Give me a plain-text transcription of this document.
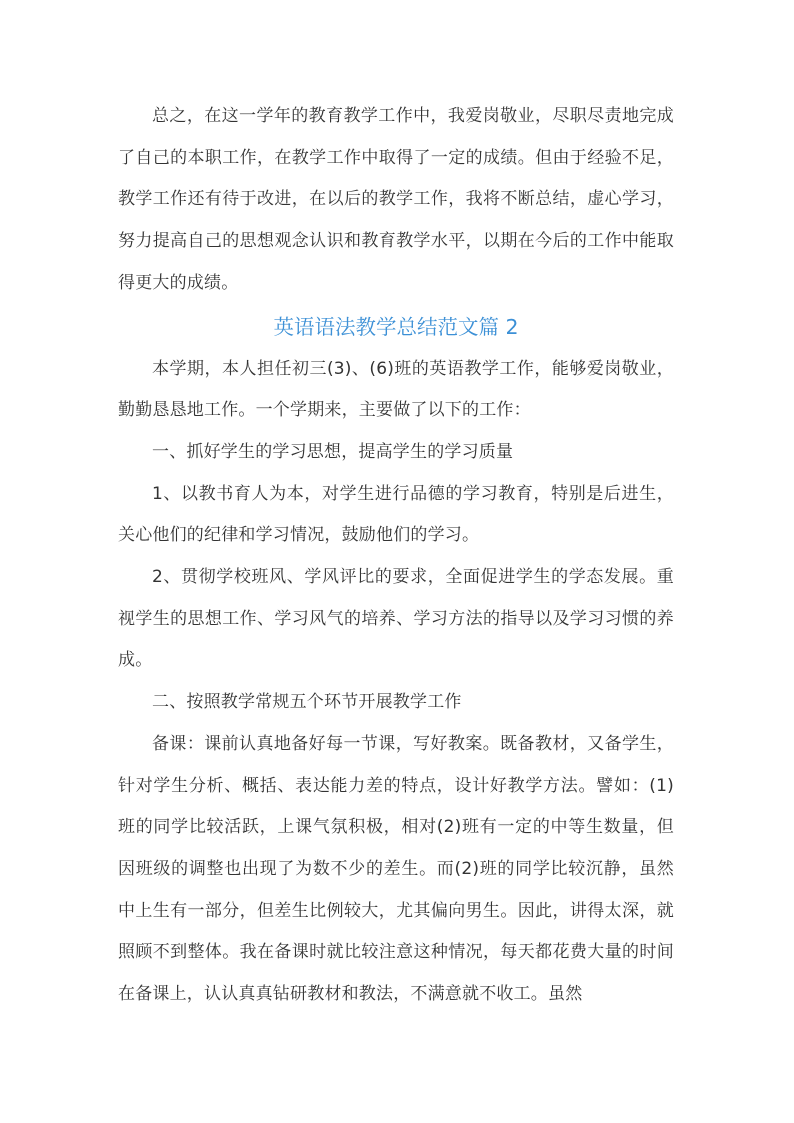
总之，在这一学年的教育教学工作中，我爱岗敬业，尽职尽责地完成了自己的本职工作，在教学工作中取得了一定的成绩。但由于经验不足，教学工作还有待于改进，在以后的教学工作，我将不断总结，虚心学习，努力提高自己的思想观念认识和教育教学水平，以期在今后的工作中能取得更大的成绩。

英语语法教学总结范文篇 2

本学期，本人担任初三(3)、(6)班的英语教学工作，能够爱岗敬业，勤勤恳恳地工作。一个学期来，主要做了以下的工作：

一、抓好学生的学习思想，提高学生的学习质量

1、以教书育人为本，对学生进行品德的学习教育，特别是后进生，关心他们的纪律和学习情况，鼓励他们的学习。

2、贯彻学校班风、学风评比的要求，全面促进学生的学态发展。重视学生的思想工作、学习风气的培养、学习方法的指导以及学习习惯的养成。

二、按照教学常规五个环节开展教学工作

备课：课前认真地备好每一节课，写好教案。既备教材，又备学生，针对学生分析、概括、表达能力差的特点，设计好教学方法。譬如：(1)班的同学比较活跃，上课气氛积极，相对(2)班有一定的中等生数量，但因班级的调整也出现了为数不少的差生。而(2)班的同学比较沉静，虽然中上生有一部分，但差生比例较大，尤其偏向男生。因此，讲得太深，就照顾不到整体。我在备课时就比较注意这种情况，每天都花费大量的时间在备课上，认认真真钻研教材和教法，不满意就不收工。虽然
